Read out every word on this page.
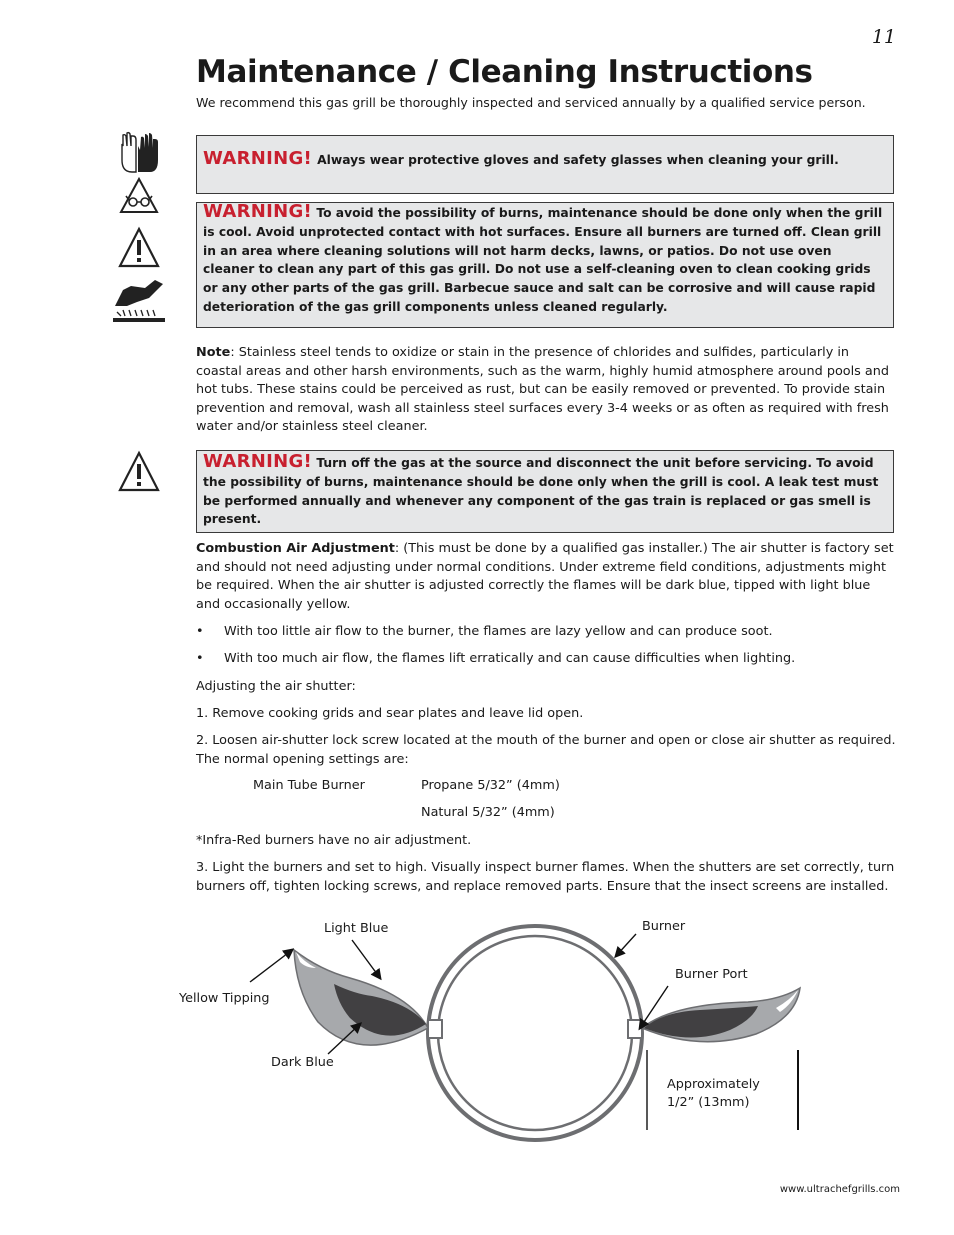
11
Maintenance / Cleaning Instructions
We recommend this gas grill be thoroughly inspected and serviced annually by a qualified service person.
WARNING! Always wear protective gloves and safety glasses when cleaning your grill.
WARNING! To avoid the possibility of burns, maintenance should be done only when the grill is cool. Avoid unprotected contact with hot surfaces. Ensure all burners are turned off. Clean grill in an area where cleaning solutions will not harm decks, lawns, or patios. Do not use oven cleaner to clean any part of this gas grill. Do not use a self-cleaning oven to clean cooking grids or any other parts of the gas grill. Barbecue sauce and salt can be corrosive and will cause rapid deterioration of the gas grill components unless cleaned regularly.
Note: Stainless steel tends to oxidize or stain in the presence of chlorides and sulfides, particularly in coastal areas and other harsh environments, such as the warm, highly humid atmosphere around pools and hot tubs. These stains could be perceived as rust, but can be easily removed or prevented. To provide stain prevention and removal, wash all stainless steel surfaces every 3-4 weeks or as often as required with fresh water and/or stainless steel cleaner.
WARNING! Turn off the gas at the source and disconnect the unit before servicing. To avoid the possibility of burns, maintenance should be done only when the grill is cool. A leak test must be performed annually and whenever any component of the gas train is replaced or gas smell is present.
Combustion Air Adjustment: (This must be done by a qualified gas installer.) The air shutter is factory set and should not need adjusting under normal conditions. Under extreme field conditions, adjustments might be required. When the air shutter is adjusted correctly the flames will be dark blue, tipped with light blue and occasionally yellow.
• With too little air flow to the burner, the flames are lazy yellow and can produce soot.
• With too much air flow, the flames lift erratically and can cause difficulties when lighting.
Adjusting the air shutter:
1. Remove cooking grids and sear plates and leave lid open.
2. Loosen air-shutter lock screw located at the mouth of the burner and open or close air shutter as required. The normal opening settings are:
Main Tube Burner	Propane 5/32” (4mm)
Natural 5/32” (4mm)
*Infra-Red burners have no air adjustment.
3. Light the burners and set to high. Visually inspect burner flames. When the shutters are set correctly, turn burners off, tighten locking screws, and replace removed parts. Ensure that the insect screens are installed.
Light Blue
Yellow Tipping
Dark Blue
Burner
Burner Port
Approximately
1/2” (13mm)
www.ultrachefgrills.com
